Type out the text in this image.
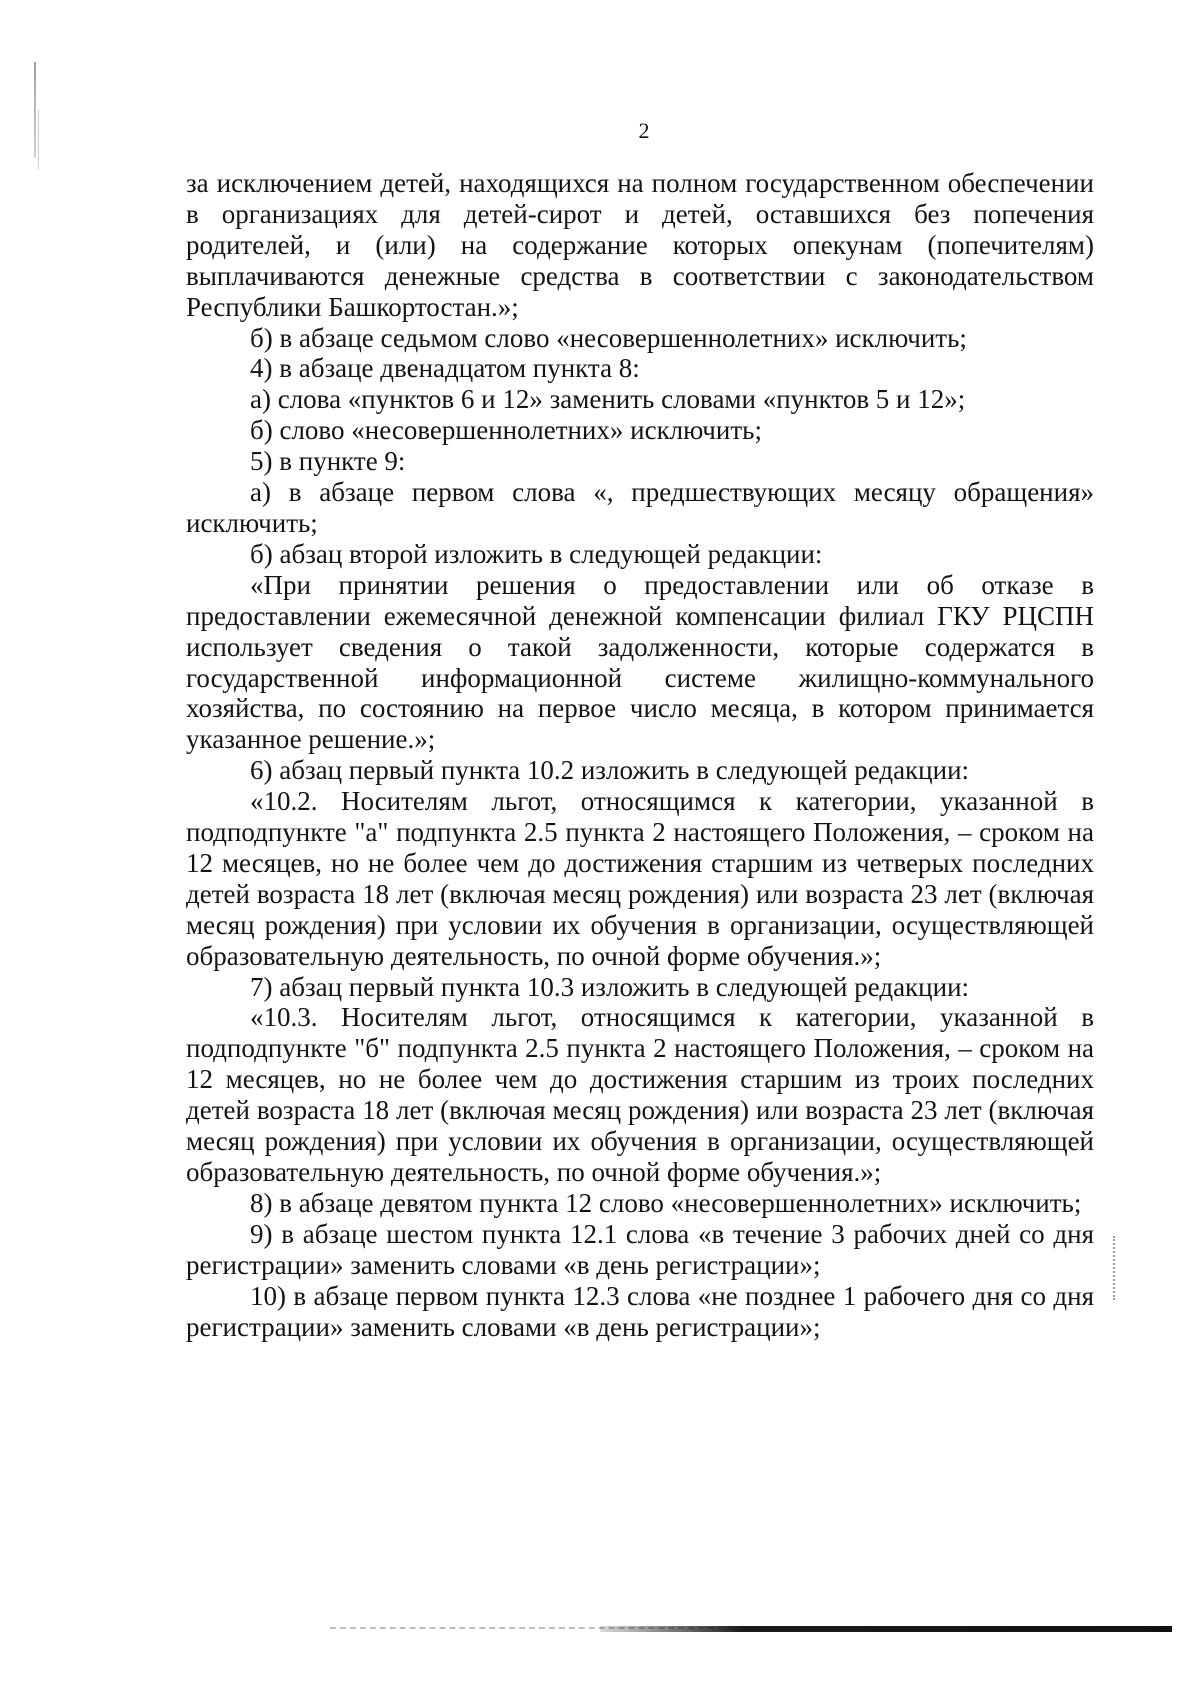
2

за исключением детей, находящихся на полном государственном обеспечении в организациях для детей-сирот и детей, оставшихся без попечения родителей, и (или) на содержание которых опекунам (попечителям) выплачиваются денежные средства в соответствии с законодательством Республики Башкортостан.»;

б) в абзаце седьмом слово «несовершеннолетних» исключить;

4) в абзаце двенадцатом пункта 8:

а) слова «пунктов 6 и 12» заменить словами «пунктов 5 и 12»;

б) слово «несовершеннолетних» исключить;

5) в пункте 9:

а) в абзаце первом слова «, предшествующих месяцу обращения» исключить;

б) абзац второй изложить в следующей редакции:

«При принятии решения о предоставлении или об отказе в предоставлении ежемесячной денежной компенсации филиал ГКУ РЦСПН использует сведения о такой задолженности, которые содержатся в государственной информационной системе жилищно-коммунального хозяйства, по состоянию на первое число месяца, в котором принимается указанное решение.»;

6) абзац первый пункта 10.2 изложить в следующей редакции:

«10.2. Носителям льгот, относящимся к категории, указанной в подподпункте "а" подпункта 2.5 пункта 2 настоящего Положения, – сроком на 12 месяцев, но не более чем до достижения старшим из четверых последних детей возраста 18 лет (включая месяц рождения) или возраста 23 лет (включая месяц рождения) при условии их обучения в организации, осуществляющей образовательную деятельность, по очной форме обучения.»;

7) абзац первый пункта 10.3 изложить в следующей редакции:

«10.3. Носителям льгот, относящимся к категории, указанной в подподпункте "б" подпункта 2.5 пункта 2 настоящего Положения, – сроком на 12 месяцев, но не более чем до достижения старшим из троих последних детей возраста 18 лет (включая месяц рождения) или возраста 23 лет (включая месяц рождения) при условии их обучения в организации, осуществляющей образовательную деятельность, по очной форме обучения.»;

8) в абзаце девятом пункта 12 слово «несовершеннолетних» исключить;

9) в абзаце шестом пункта 12.1 слова «в течение 3 рабочих дней со дня регистрации» заменить словами «в день регистрации»;

10) в абзаце первом пункта 12.3 слова «не позднее 1 рабочего дня со дня регистрации» заменить словами «в день регистрации»;
